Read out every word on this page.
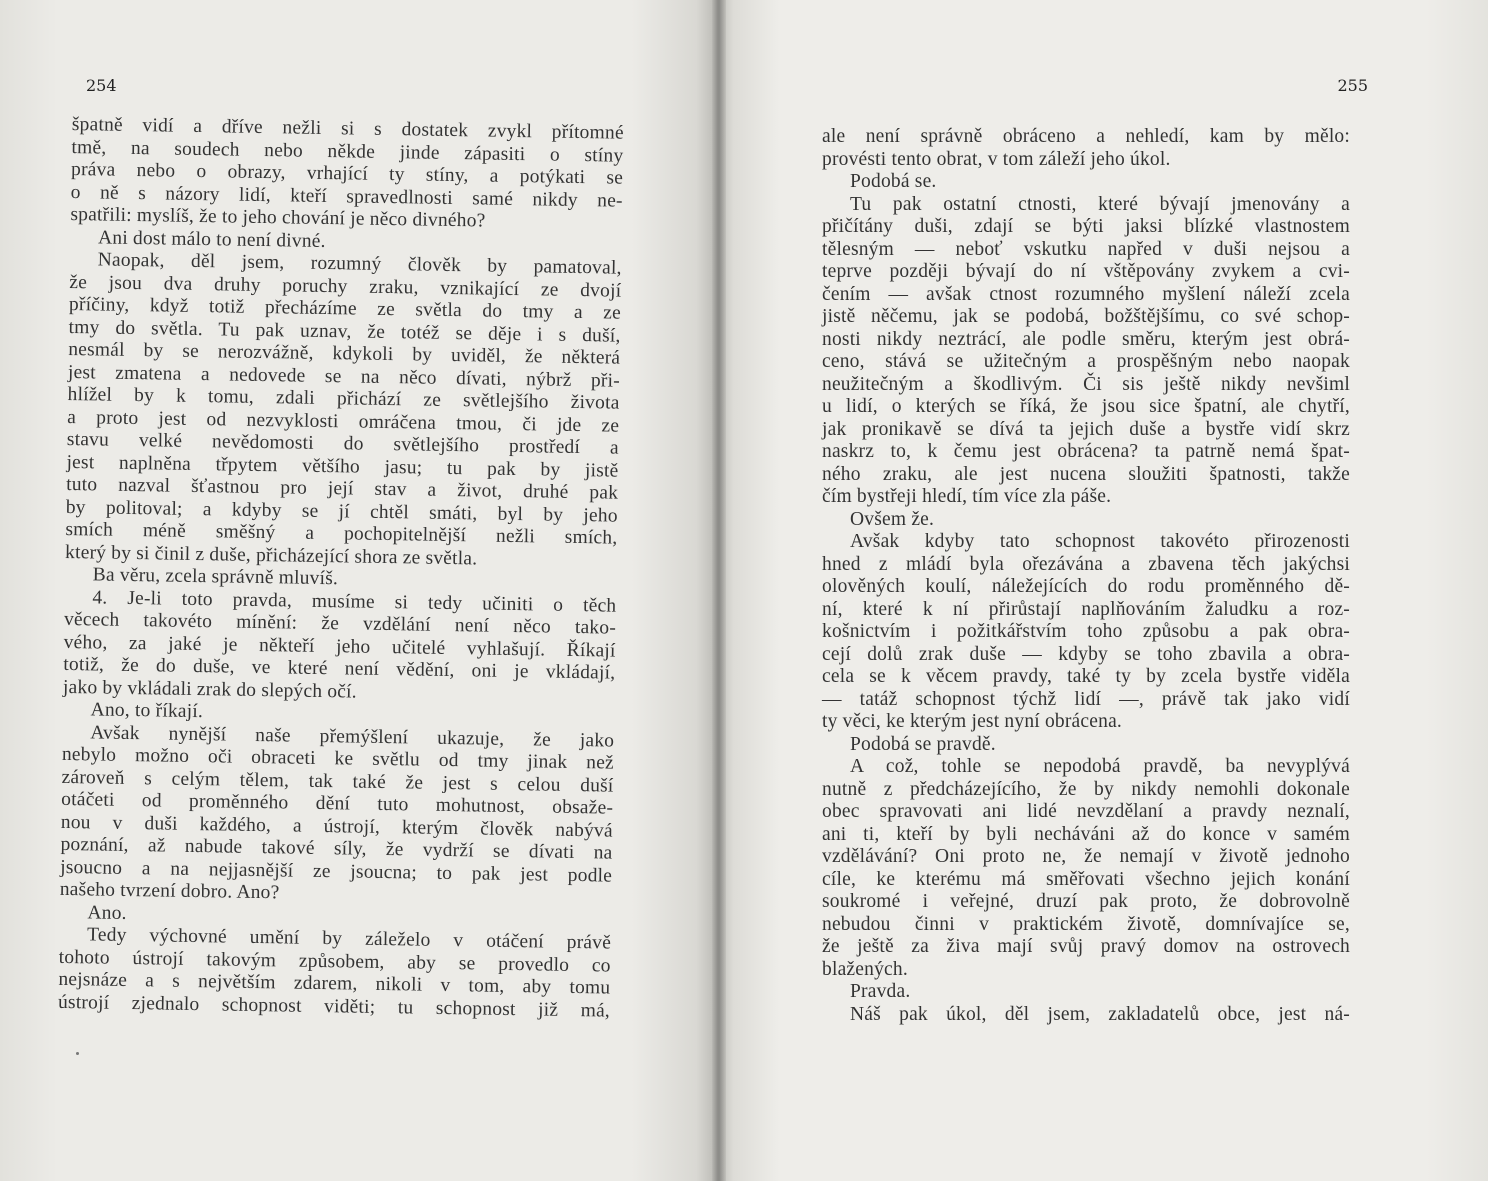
254
špatně vidí a dříve nežli si s dostatek zvykl přítomné
tmě, na soudech nebo někde jinde zápasiti o stíny
práva nebo o obrazy, vrhající ty stíny, a potýkati se
o ně s názory lidí, kteří spravedlnosti samé nikdy ne-
spatřili: myslíš, že to jeho chování je něco divného?
Ani dost málo to není divné.
Naopak, děl jsem, rozumný člověk by pamatoval,
že jsou dva druhy poruchy zraku, vznikající ze dvojí
příčiny, když totiž přecházíme ze světla do tmy a ze
tmy do světla. Tu pak uznav, že totéž se děje i s duší,
nesmál by se nerozvážně, kdykoli by uviděl, že některá
jest zmatena a nedovede se na něco dívati, nýbrž při-
hlížel by k tomu, zdali přichází ze světlejšího života
a proto jest od nezvyklosti omráčena tmou, či jde ze
stavu velké nevědomosti do světlejšího prostředí a
jest naplněna třpytem většího jasu; tu pak by jistě
tuto nazval šťastnou pro její stav a život, druhé pak
by politoval; a kdyby se jí chtěl smáti, byl by jeho
smích méně směšný a pochopitelnější nežli smích,
který by si činil z duše, přicházející shora ze světla.
Ba věru, zcela správně mluvíš.
4. Je-li toto pravda, musíme si tedy učiniti o těch
věcech takovéto mínění: že vzdělání není něco tako-
vého, za jaké je někteří jeho učitelé vyhlašují. Říkají
totiž, že do duše, ve které není vědění, oni je vkládají,
jako by vkládali zrak do slepých očí.
Ano, to říkají.
Avšak nynější naše přemýšlení ukazuje, že jako
nebylo možno oči obraceti ke světlu od tmy jinak než
zároveň s celým tělem, tak také že jest s celou duší
otáčeti od proměnného dění tuto mohutnost, obsaže-
nou v duši každého, a ústrojí, kterým člověk nabývá
poznání, až nabude takové síly, že vydrží se dívati na
jsoucno a na nejjasnější ze jsoucna; to pak jest podle
našeho tvrzení dobro. Ano?
Ano.
Tedy výchovné umění by záleželo v otáčení právě
tohoto ústrojí takovým způsobem, aby se provedlo co
nejsnáze a s největším zdarem, nikoli v tom, aby tomu
ústrojí zjednalo schopnost viděti; tu schopnost již má,
255
ale není správně obráceno a nehledí, kam by mělo:
provésti tento obrat, v tom záleží jeho úkol.
Podobá se.
Tu pak ostatní ctnosti, které bývají jmenovány a
přičítány duši, zdají se býti jaksi blízké vlastnostem
tělesným — neboť vskutku napřed v duši nejsou a
teprve později bývají do ní vštěpovány zvykem a cvi-
čením — avšak ctnost rozumného myšlení náleží zcela
jistě něčemu, jak se podobá, božštějšímu, co své schop-
nosti nikdy neztrácí, ale podle směru, kterým jest obrá-
ceno, stává se užitečným a prospěšným nebo naopak
neužitečným a škodlivým. Či sis ještě nikdy nevšiml
u lidí, o kterých se říká, že jsou sice špatní, ale chytří,
jak pronikavě se dívá ta jejich duše a bystře vidí skrz
naskrz to, k čemu jest obrácena? ta patrně nemá špat-
ného zraku, ale jest nucena sloužiti špatnosti, takže
čím bystřeji hledí, tím více zla páše.
Ovšem že.
Avšak kdyby tato schopnost takovéto přirozenosti
hned z mládí byla ořezávána a zbavena těch jakýchsi
olověných koulí, náležejících do rodu proměnného dě-
ní, které k ní přirůstají naplňováním žaludku a roz-
košnictvím i požitkářstvím toho způsobu a pak obra-
cejí dolů zrak duše — kdyby se toho zbavila a obra-
cela se k věcem pravdy, také ty by zcela bystře viděla
— tatáž schopnost týchž lidí —, právě tak jako vidí
ty věci, ke kterým jest nyní obrácena.
Podobá se pravdě.
A což, tohle se nepodobá pravdě, ba nevyplývá
nutně z předcházejícího, že by nikdy nemohli dokonale
obec spravovati ani lidé nevzdělaní a pravdy neznalí,
ani ti, kteří by byli necháváni až do konce v samém
vzdělávání? Oni proto ne, že nemají v životě jednoho
cíle, ke kterému má směřovati všechno jejich konání
soukromé i veřejné, druzí pak proto, že dobrovolně
nebudou činni v praktickém životě, domnívajíce se,
že ještě za živa mají svůj pravý domov na ostrovech
blažených.
Pravda.
Náš pak úkol, děl jsem, zakladatelů obce, jest ná-
